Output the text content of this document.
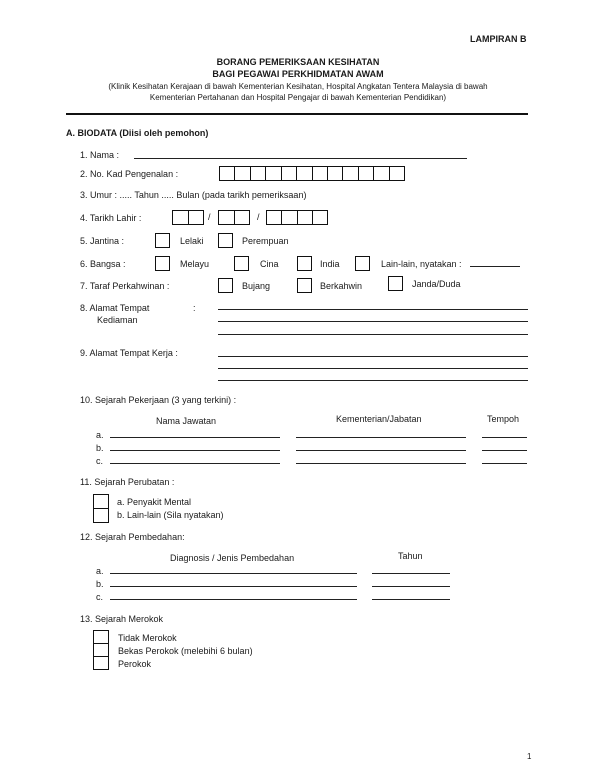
LAMPIRAN B
BORANG PEMERIKSAAN KESIHATAN
BAGI PEGAWAI PERKHIDMATAN AWAM
(Klinik Kesihatan Kerajaan di bawah Kementerian Kesihatan, Hospital Angkatan Tentera Malaysia di bawah
Kementerian Pertahanan dan Hospital Pengajar di bawah Kementerian Pendidikan)
A. BIODATA (Diisi oleh pemohon)
1. Nama :
2. No. Kad Pengenalan :
3. Umur : ..... Tahun ..... Bulan (pada tarikh pemeriksaan)
4. Tarikh Lahir :	/	/
5. Jantina :	Lelaki	Perempuan
6. Bangsa :	Melayu	Cina	India	Lain-lain, nyatakan :
7. Taraf Perkahwinan :	Bujang	Berkahwin	Janda/Duda
8. Alamat Tempat
Kediaman
:
9. Alamat Tempat Kerja :
10. Sejarah Pekerjaan (3 yang terkini) :
Nama Jawatan	Kementerian/Jabatan	Tempoh
a.
b.
c.
11. Sejarah Perubatan :
a. Penyakit Mental
b. Lain-lain (Sila nyatakan)
12. Sejarah Pembedahan:
Diagnosis / Jenis Pembedahan	Tahun
a.
b.
c.
13. Sejarah Merokok
Tidak Merokok
Bekas Perokok (melebihi 6 bulan)
Perokok
1
